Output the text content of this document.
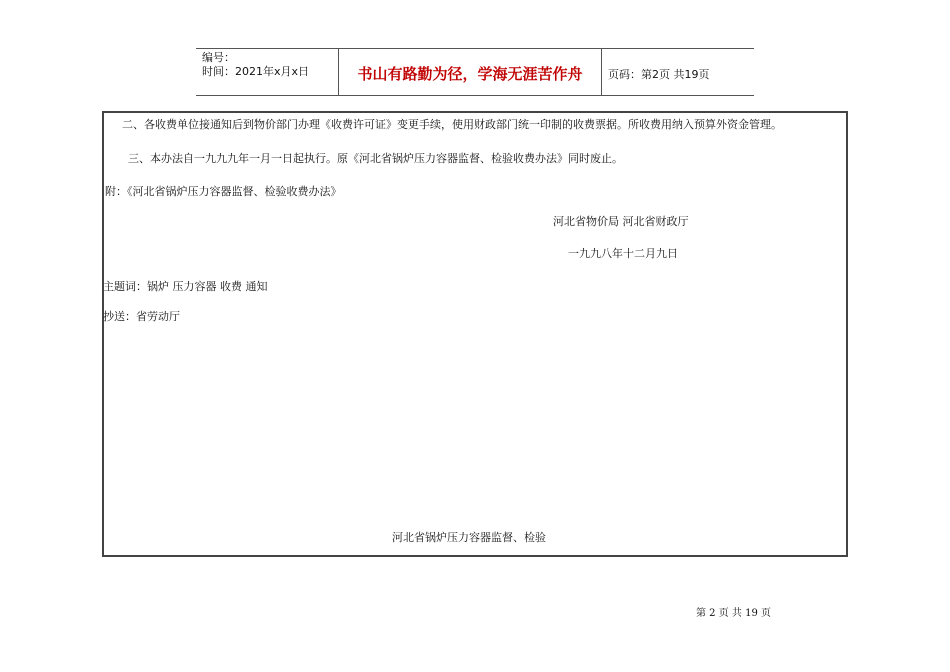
编号：
时间：2021年x月x日	书山有路勤为径，学海无涯苦作舟	页码：第2页 共19页
二、各收费单位接通知后到物价部门办理《收费许可证》变更手续，使用财政部门统一印制的收费票据。所收费用纳入预算外资金管理。
三、本办法自一九九九年一月一日起执行。原《河北省锅炉压力容器监督、检验收费办法》同时废止。
附：《河北省锅炉压力容器监督、检验收费办法》
河北省物价局 河北省财政厅
一九九八年十二月九日
主题词：锅炉 压力容器 收费 通知
抄送：省劳动厅
河北省锅炉压力容器监督、检验
第 2 页 共 19 页
